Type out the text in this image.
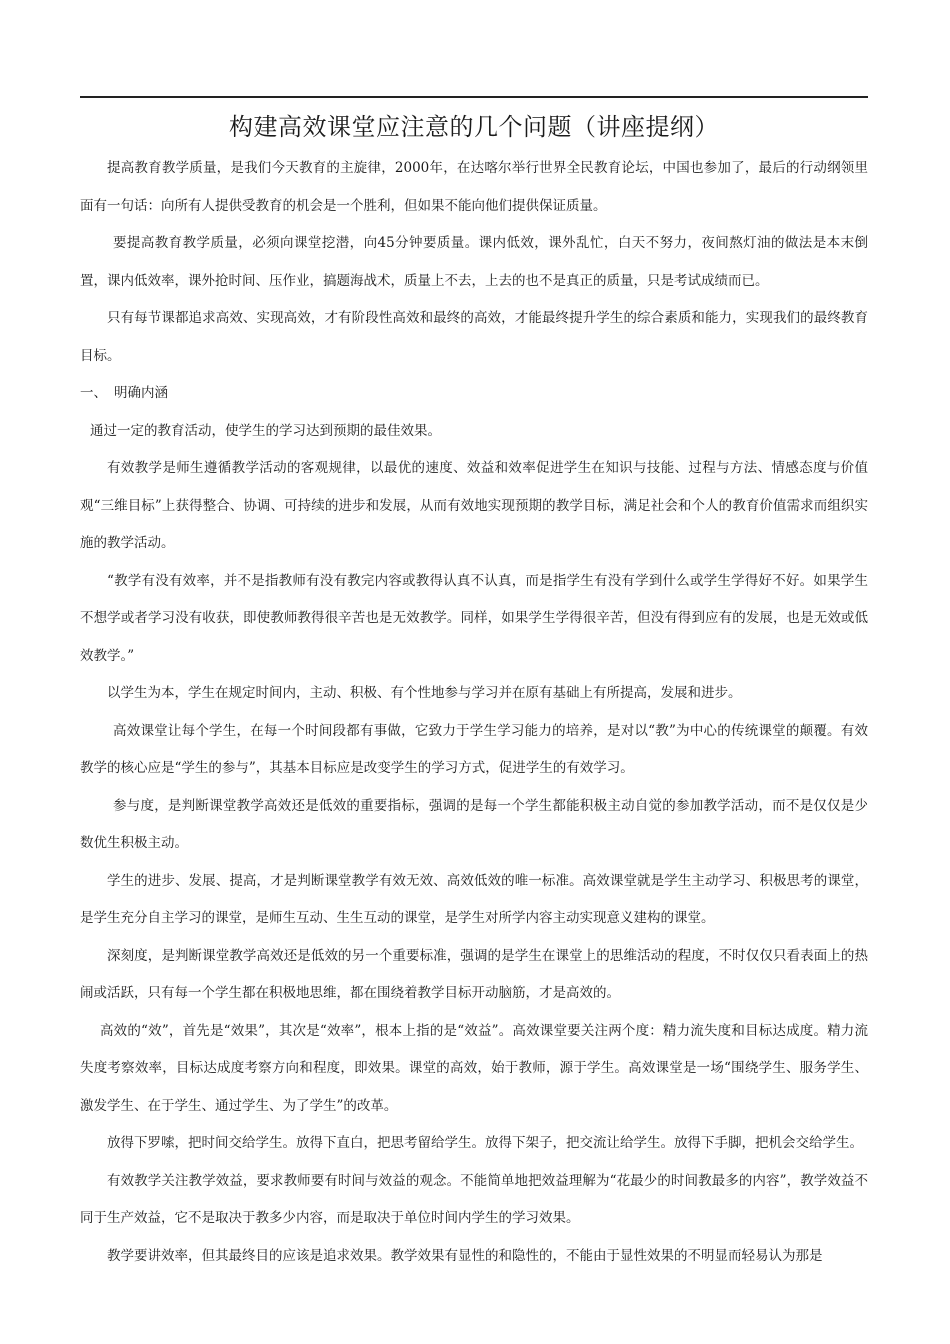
构建高效课堂应注意的几个问题（讲座提纲）

提高教育教学质量，是我们今天教育的主旋律，2000年，在达喀尔举行世界全民教育论坛，中国也参加了，最后的行动纲领里面有一句话：向所有人提供受教育的机会是一个胜利，但如果不能向他们提供保证质量。

要提高教育教学质量，必须向课堂挖潜，向45分钟要质量。课内低效，课外乱忙，白天不努力，夜间熬灯油的做法是本末倒置，课内低效率，课外抢时间、压作业，搞题海战术，质量上不去，上去的也不是真正的质量，只是考试成绩而已。

只有每节课都追求高效、实现高效，才有阶段性高效和最终的高效，才能最终提升学生的综合素质和能力，实现我们的最终教育目标。

一、 明确内涵

通过一定的教育活动，使学生的学习达到预期的最佳效果。

有效教学是师生遵循教学活动的客观规律，以最优的速度、效益和效率促进学生在知识与技能、过程与方法、情感态度与价值观“三维目标”上获得整合、协调、可持续的进步和发展，从而有效地实现预期的教学目标，满足社会和个人的教育价值需求而组织实施的教学活动。

“教学有没有效率，并不是指教师有没有教完内容或教得认真不认真，而是指学生有没有学到什么或学生学得好不好。如果学生不想学或者学习没有收获，即使教师教得很辛苦也是无效教学。同样，如果学生学得很辛苦，但没有得到应有的发展，也是无效或低效教学。”

以学生为本，学生在规定时间内，主动、积极、有个性地参与学习并在原有基础上有所提高，发展和进步。

高效课堂让每个学生，在每一个时间段都有事做，它致力于学生学习能力的培养，是对以“教”为中心的传统课堂的颠覆。有效教学的核心应是“学生的参与”，其基本目标应是改变学生的学习方式，促进学生的有效学习。

参与度，是判断课堂教学高效还是低效的重要指标，强调的是每一个学生都能积极主动自觉的参加教学活动，而不是仅仅是少数优生积极主动。

学生的进步、发展、提高，才是判断课堂教学有效无效、高效低效的唯一标准。高效课堂就是学生主动学习、积极思考的课堂，是学生充分自主学习的课堂，是师生互动、生生互动的课堂，是学生对所学内容主动实现意义建构的课堂。

深刻度，是判断课堂教学高效还是低效的另一个重要标准，强调的是学生在课堂上的思维活动的程度，不时仅仅只看表面上的热闹或活跃，只有每一个学生都在积极地思维，都在围绕着教学目标开动脑筋，才是高效的。

高效的“效”，首先是“效果”，其次是“效率”，根本上指的是“效益”。高效课堂要关注两个度：精力流失度和目标达成度。精力流失度考察效率，目标达成度考察方向和程度，即效果。课堂的高效，始于教师，源于学生。高效课堂是一场“围绕学生、服务学生、激发学生、在于学生、通过学生、为了学生”的改革。

放得下罗嗦，把时间交给学生。放得下直白，把思考留给学生。放得下架子，把交流让给学生。放得下手脚，把机会交给学生。

有效教学关注教学效益，要求教师要有时间与效益的观念。不能简单地把效益理解为“花最少的时间教最多的内容”，教学效益不同于生产效益，它不是取决于教多少内容，而是取决于单位时间内学生的学习效果。

教学要讲效率，但其最终目的应该是追求效果。教学效果有显性的和隐性的，不能由于显性效果的不明显而轻易认为那是
